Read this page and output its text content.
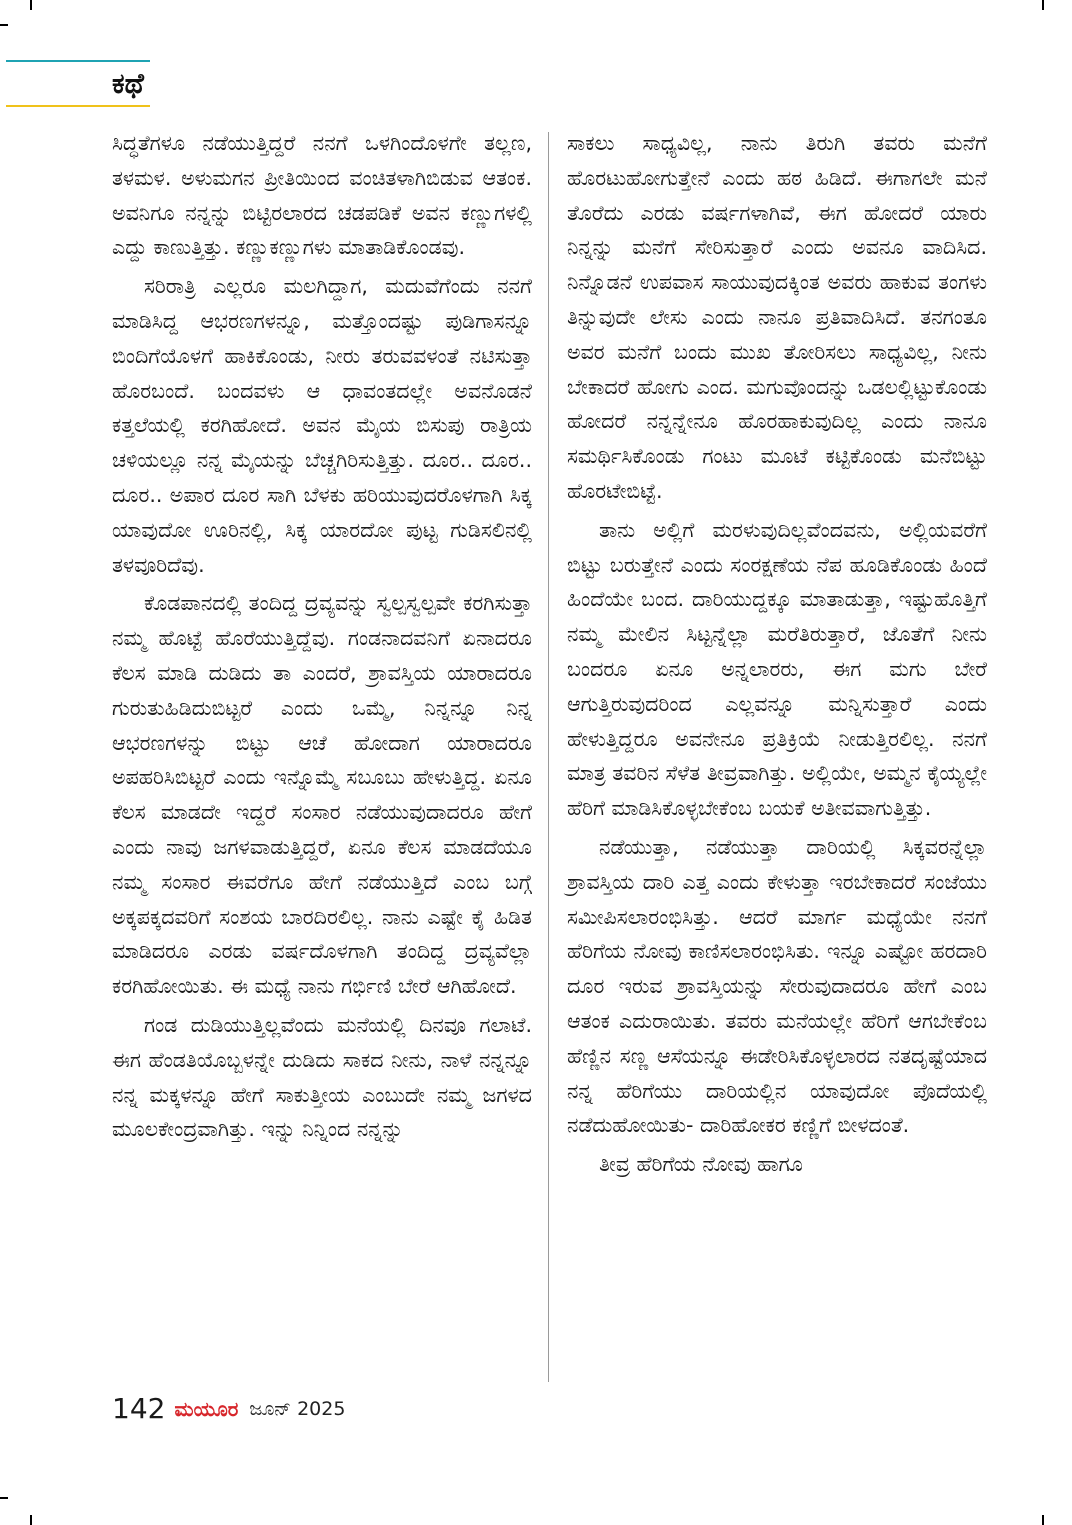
ಕಥೆ

ಸಿದ್ಧತೆಗಳೂ ನಡೆಯುತ್ತಿದ್ದರೆ ನನಗೆ ಒಳಗಿಂದೊಳಗೇ ತಲ್ಲಣ, ತಳಮಳ. ಅಳುಮಗನ ಪ್ರೀತಿಯಿಂದ ವಂಚಿತಳಾಗಿಬಿಡುವ ಆತಂಕ. ಅವನಿಗೂ ನನ್ನನ್ನು ಬಿಟ್ಟಿರಲಾರದ ಚಡಪಡಿಕೆ ಅವನ ಕಣ್ಣುಗಳಲ್ಲಿ ಎದ್ದು ಕಾಣುತ್ತಿತ್ತು. ಕಣ್ಣುಕಣ್ಣುಗಳು ಮಾತಾಡಿಕೊಂಡವು.

ಸರಿರಾತ್ರಿ ಎಲ್ಲರೂ ಮಲಗಿದ್ದಾಗ, ಮದುವೆಗೆಂದು ನನಗೆ ಮಾಡಿಸಿದ್ದ ಆಭರಣಗಳನ್ನೂ, ಮತ್ತೊಂದಷ್ಟು ಪುಡಿಗಾಸನ್ನೂ ಬಿಂದಿಗೆಯೊಳಗೆ ಹಾಕಿಕೊಂಡು, ನೀರು ತರುವವಳಂತೆ ನಟಿಸುತ್ತಾ ಹೊರಬಂದೆ. ಬಂದವಳು ಆ ಧಾವಂತದಲ್ಲೇ ಅವನೊಡನೆ ಕತ್ತಲೆಯಲ್ಲಿ ಕರಗಿಹೋದೆ. ಅವನ ಮೈಯ ಬಿಸುಪು ರಾತ್ರಿಯ ಚಳಿಯಲ್ಲೂ ನನ್ನ ಮೈಯನ್ನು ಬೆಚ್ಚಗಿರಿಸುತ್ತಿತ್ತು. ದೂರ.. ದೂರ.. ದೂರ.. ಅಪಾರ ದೂರ ಸಾಗಿ ಬೆಳಕು ಹರಿಯುವುದರೊಳಗಾಗಿ ಸಿಕ್ಕ ಯಾವುದೋ ಊರಿನಲ್ಲಿ, ಸಿಕ್ಕ ಯಾರದೋ ಪುಟ್ಟ ಗುಡಿಸಲಿನಲ್ಲಿ ತಳವೂರಿದೆವು.

ಕೊಡಪಾನದಲ್ಲಿ ತಂದಿದ್ದ ದ್ರವ್ಯವನ್ನು ಸ್ವಲ್ಪಸ್ವಲ್ಪವೇ ಕರಗಿಸುತ್ತಾ ನಮ್ಮ ಹೊಟ್ಟೆ ಹೊರೆಯುತ್ತಿದ್ದೆವು. ಗಂಡನಾದವನಿಗೆ ಏನಾದರೂ ಕೆಲಸ ಮಾಡಿ ದುಡಿದು ತಾ ಎಂದರೆ, ಶ್ರಾವಸ್ತಿಯ ಯಾರಾದರೂ ಗುರುತುಹಿಡಿದುಬಿಟ್ಟರೆ ಎಂದು ಒಮ್ಮೆ, ನಿನ್ನನ್ನೂ ನಿನ್ನ ಆಭರಣಗಳನ್ನು ಬಿಟ್ಟು ಆಚೆ ಹೋದಾಗ ಯಾರಾದರೂ ಅಪಹರಿಸಿಬಿಟ್ಟರೆ ಎಂದು ಇನ್ನೊಮ್ಮೆ ಸಬೂಬು ಹೇಳುತ್ತಿದ್ದ. ಏನೂ ಕೆಲಸ ಮಾಡದೇ ಇದ್ದರೆ ಸಂಸಾರ ನಡೆಯುವುದಾದರೂ ಹೇಗೆ ಎಂದು ನಾವು ಜಗಳವಾಡುತ್ತಿದ್ದರೆ, ಏನೂ ಕೆಲಸ ಮಾಡದೆಯೂ ನಮ್ಮ ಸಂಸಾರ ಈವರೆಗೂ ಹೇಗೆ ನಡೆಯುತ್ತಿದೆ ಎಂಬ ಬಗ್ಗೆ ಅಕ್ಕಪಕ್ಕದವರಿಗೆ ಸಂಶಯ ಬಾರದಿರಲಿಲ್ಲ. ನಾನು ಎಷ್ಟೇ ಕೈ ಹಿಡಿತ ಮಾಡಿದರೂ ಎರಡು ವರ್ಷದೊಳಗಾಗಿ ತಂದಿದ್ದ ದ್ರವ್ಯವೆಲ್ಲಾ ಕರಗಿಹೋಯಿತು. ಈ ಮಧ್ಯೆ ನಾನು ಗರ್ಭಿಣಿ ಬೇರೆ ಆಗಿಹೋದೆ.

ಗಂಡ ದುಡಿಯುತ್ತಿಲ್ಲವೆಂದು ಮನೆಯಲ್ಲಿ ದಿನವೂ ಗಲಾಟೆ. ಈಗ ಹೆಂಡತಿಯೊಬ್ಬಳನ್ನೇ ದುಡಿದು ಸಾಕದ ನೀನು, ನಾಳೆ ನನ್ನನ್ನೂ ನನ್ನ ಮಕ್ಕಳನ್ನೂ ಹೇಗೆ ಸಾಕುತ್ತೀಯ ಎಂಬುದೇ ನಮ್ಮ ಜಗಳದ ಮೂಲಕೇಂದ್ರವಾಗಿತ್ತು. ಇನ್ನು ನಿನ್ನಿಂದ ನನ್ನನ್ನು

ಸಾಕಲು ಸಾಧ್ಯವಿಲ್ಲ, ನಾನು ತಿರುಗಿ ತವರು ಮನೆಗೆ ಹೊರಟುಹೋಗುತ್ತೇನೆ ಎಂದು ಹಠ ಹಿಡಿದೆ. ಈಗಾಗಲೇ ಮನೆ ತೊರೆದು ಎರಡು ವರ್ಷಗಳಾಗಿವೆ, ಈಗ ಹೋದರೆ ಯಾರು ನಿನ್ನನ್ನು ಮನೆಗೆ ಸೇರಿಸುತ್ತಾರೆ ಎಂದು ಅವನೂ ವಾದಿಸಿದ. ನಿನ್ನೊಡನೆ ಉಪವಾಸ ಸಾಯುವುದಕ್ಕಿಂತ ಅವರು ಹಾಕುವ ತಂಗಳು ತಿನ್ನುವುದೇ ಲೇಸು ಎಂದು ನಾನೂ ಪ್ರತಿವಾದಿಸಿದೆ. ತನಗಂತೂ ಅವರ ಮನೆಗೆ ಬಂದು ಮುಖ ತೋರಿಸಲು ಸಾಧ್ಯವಿಲ್ಲ, ನೀನು ಬೇಕಾದರೆ ಹೋಗು ಎಂದ. ಮಗುವೊಂದನ್ನು ಒಡಲಲ್ಲಿಟ್ಟುಕೊಂಡು ಹೋದರೆ ನನ್ನನ್ನೇನೂ ಹೊರಹಾಕುವುದಿಲ್ಲ ಎಂದು ನಾನೂ ಸಮರ್ಥಿಸಿಕೊಂಡು ಗಂಟು ಮೂಟೆ ಕಟ್ಟಿಕೊಂಡು ಮನೆಬಿಟ್ಟು ಹೊರಟೇಬಿಟ್ಟೆ.

ತಾನು ಅಲ್ಲಿಗೆ ಮರಳುವುದಿಲ್ಲವೆಂದವನು, ಅಲ್ಲಿಯವರೆಗೆ ಬಿಟ್ಟು ಬರುತ್ತೇನೆ ಎಂದು ಸಂರಕ್ಷಣೆಯ ನೆಪ ಹೂಡಿಕೊಂಡು ಹಿಂದೆ ಹಿಂದೆಯೇ ಬಂದ. ದಾರಿಯುದ್ದಕ್ಕೂ ಮಾತಾಡುತ್ತಾ, ಇಷ್ಟುಹೊತ್ತಿಗೆ ನಮ್ಮ ಮೇಲಿನ ಸಿಟ್ಟನ್ನೆಲ್ಲಾ ಮರೆತಿರುತ್ತಾರೆ, ಜೊತೆಗೆ ನೀನು ಬಂದರೂ ಏನೂ ಅನ್ನಲಾರರು, ಈಗ ಮಗು ಬೇರೆ ಆಗುತ್ತಿರುವುದರಿಂದ ಎಲ್ಲವನ್ನೂ ಮನ್ನಿಸುತ್ತಾರೆ ಎಂದು ಹೇಳುತ್ತಿದ್ದರೂ ಅವನೇನೂ ಪ್ರತಿಕ್ರಿಯೆ ನೀಡುತ್ತಿರಲಿಲ್ಲ. ನನಗೆ ಮಾತ್ರ ತವರಿನ ಸೆಳೆತ ತೀವ್ರವಾಗಿತ್ತು. ಅಲ್ಲಿಯೇ, ಅಮ್ಮನ ಕೈಯ್ಯಲ್ಲೇ ಹೆರಿಗೆ ಮಾಡಿಸಿಕೊಳ್ಳಬೇಕೆಂಬ ಬಯಕೆ ಅತೀವವಾಗುತ್ತಿತ್ತು.

ನಡೆಯುತ್ತಾ, ನಡೆಯುತ್ತಾ ದಾರಿಯಲ್ಲಿ ಸಿಕ್ಕವರನ್ನೆಲ್ಲಾ ಶ್ರಾವಸ್ತಿಯ ದಾರಿ ಎತ್ತ ಎಂದು ಕೇಳುತ್ತಾ ಇರಬೇಕಾದರೆ ಸಂಜೆಯು ಸಮೀಪಿಸಲಾರಂಭಿಸಿತ್ತು. ಆದರೆ ಮಾರ್ಗ ಮಧ್ಯೆಯೇ ನನಗೆ ಹೆರಿಗೆಯ ನೋವು ಕಾಣಿಸಲಾರಂಭಿಸಿತು. ಇನ್ನೂ ಎಷ್ಟೋ ಹರದಾರಿ ದೂರ ಇರುವ ಶ್ರಾವಸ್ತಿಯನ್ನು ಸೇರುವುದಾದರೂ ಹೇಗೆ ಎಂಬ ಆತಂಕ ಎದುರಾಯಿತು. ತವರು ಮನೆಯಲ್ಲೇ ಹೆರಿಗೆ ಆಗಬೇಕೆಂಬ ಹೆಣ್ಣಿನ ಸಣ್ಣ ಆಸೆಯನ್ನೂ ಈಡೇರಿಸಿಕೊಳ್ಳಲಾರದ ನತದೃಷ್ಟೆಯಾದ ನನ್ನ ಹೆರಿಗೆಯು ದಾರಿಯಲ್ಲಿನ ಯಾವುದೋ ಪೊದೆಯಲ್ಲಿ ನಡೆದುಹೋಯಿತು- ದಾರಿಹೋಕರ ಕಣ್ಣಿಗೆ ಬೀಳದಂತೆ.

ತೀವ್ರ ಹೆರಿಗೆಯ ನೋವು ಹಾಗೂ

142 ಮಯೂರ ಜೂನ್ 2025
